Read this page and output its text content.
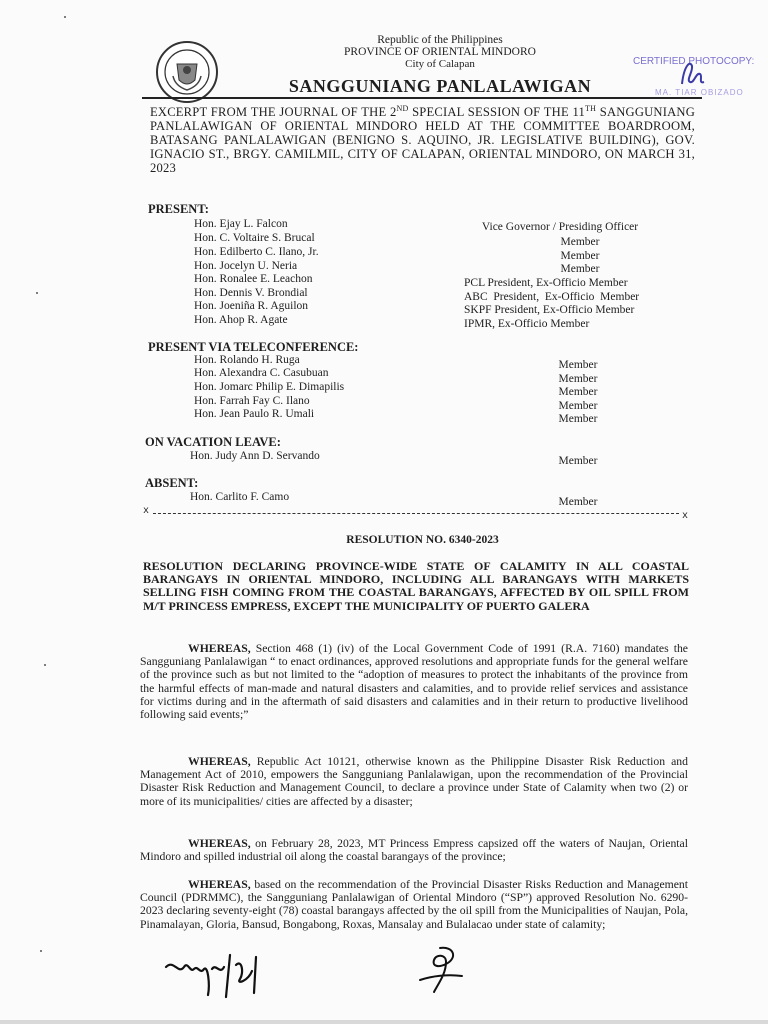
Republic of the Philippines
PROVINCE OF ORIENTAL MINDORO
City of Calapan
SANGGUNIANG PANLALAWIGAN
CERTIFIED PHOTOCOPY:
MA. TIAR OBIZADO
EXCERPT FROM THE JOURNAL OF THE 2ND SPECIAL SESSION OF THE 11TH SANGGUNIANG PANLALAWIGAN OF ORIENTAL MINDORO HELD AT THE COMMITTEE BOARDROOM, BATASANG PANLALAWIGAN (BENIGNO S. AQUINO, JR. LEGISLATIVE BUILDING), GOV. IGNACIO ST., BRGY. CAMILMIL, CITY OF CALAPAN, ORIENTAL MINDORO, ON MARCH 31, 2023
PRESENT:
Hon. Ejay L. Falcon	Vice Governor / Presiding Officer
Hon. C. Voltaire S. Brucal	Member
Hon. Edilberto C. Ilano, Jr.	Member
Hon. Jocelyn U. Neria	Member
Hon. Ronalee E. Leachon	PCL President, Ex-Officio Member
Hon. Dennis V. Brondial	ABC  President,  Ex-Officio  Member
Hon. Joeniña R. Aguilon	SKPF President, Ex-Officio Member
Hon. Ahop R. Agate	IPMR, Ex-Officio Member
PRESENT VIA TELECONFERENCE:
Hon. Rolando H. Ruga	Member
Hon. Alexandra C. Casubuan	Member
Hon. Jomarc Philip E. Dimapilis	Member
Hon. Farrah Fay C. Ilano	Member
Hon. Jean Paulo R. Umali	Member
ON VACATION LEAVE:
Hon. Judy Ann D. Servando	Member
ABSENT:
Hon. Carlito F. Camo	Member
x	x
RESOLUTION NO. 6340-2023
RESOLUTION DECLARING PROVINCE-WIDE STATE OF CALAMITY IN ALL COASTAL BARANGAYS IN ORIENTAL MINDORO, INCLUDING ALL BARANGAYS WITH MARKETS SELLING FISH COMING FROM THE COASTAL BARANGAYS, AFFECTED BY OIL SPILL FROM M/T PRINCESS EMPRESS, EXCEPT THE MUNICIPALITY OF PUERTO GALERA

WHEREAS, Section 468 (1) (iv) of the Local Government Code of 1991 (R.A. 7160) mandates the Sangguniang Panlalawigan “ to enact ordinances, approved resolutions and appropriate funds for the general welfare of the province such as but not limited to the “adoption of measures to protect the inhabitants of the province from the harmful effects of man-made and natural disasters and calamities, and to provide relief services and assistance for victims during and in the aftermath of said disasters and calamities and in their return to productive livelihood following said events;”

WHEREAS, Republic Act 10121, otherwise known as the Philippine Disaster Risk Reduction and Management Act of 2010, empowers the Sangguniang Panlalawigan, upon the recommendation of the Provincial Disaster Risk Reduction and Management Council, to declare a province under State of Calamity when two (2) or more of its municipalities/ cities are affected by a disaster;

WHEREAS, on February 28, 2023, MT Princess Empress capsized off the waters of Naujan, Oriental Mindoro and spilled industrial oil along the coastal barangays of the province;

WHEREAS, based on the recommendation of the Provincial Disaster Risks Reduction and Management Council (PDRMMC), the Sangguniang Panlalawigan of Oriental Mindoro (“SP”) approved Resolution No. 6290-2023 declaring seventy-eight (78) coastal barangays affected by the oil spill from the Municipalities of Naujan, Pola, Pinamalayan, Gloria, Bansud, Bongabong, Roxas, Mansalay and Bulalacao under state of calamity;
